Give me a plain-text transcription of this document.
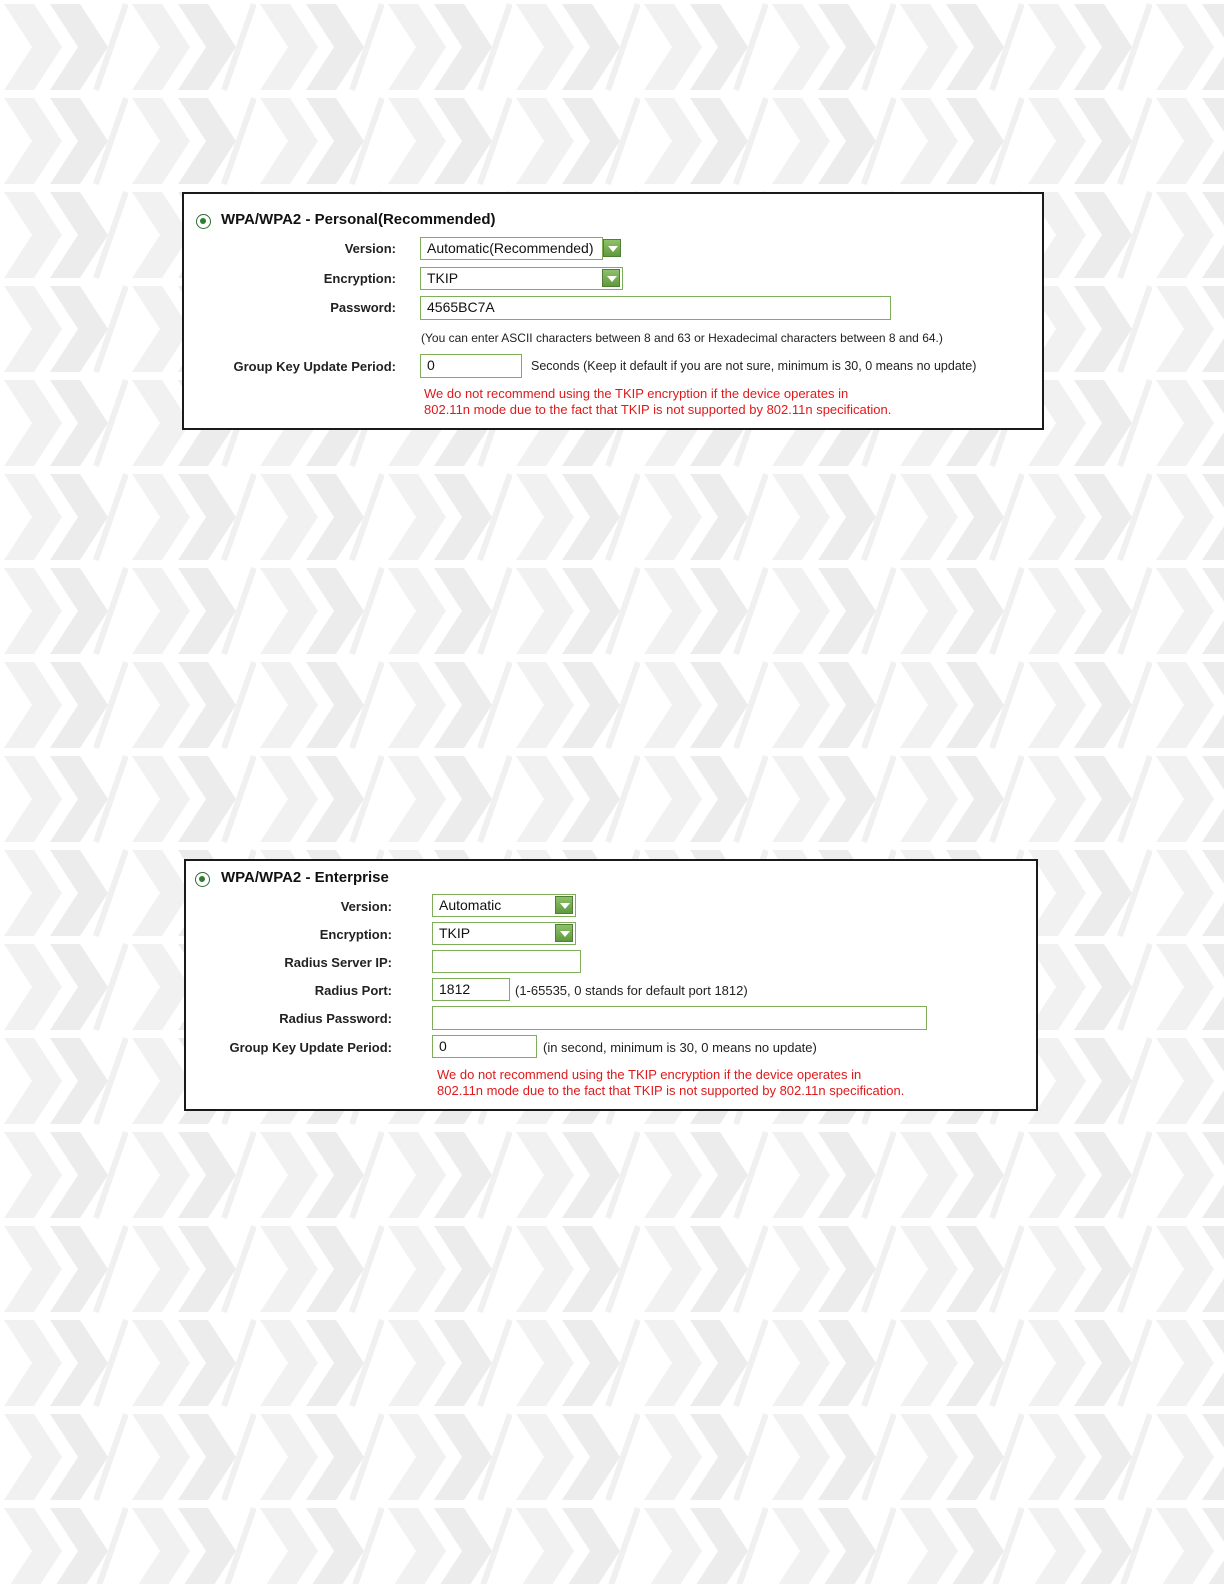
WPA/WPA2 - Personal(Recommended)
Version:	Automatic(Recommended)
Encryption:	TKIP
Password:	4565BC7A
(You can enter ASCII characters between 8 and 63 or Hexadecimal characters between 8 and 64.)
Group Key Update Period:	0	Seconds (Keep it default if you are not sure, minimum is 30, 0 means no update)
We do not recommend using the TKIP encryption if the device operates in
802.11n mode due to the fact that TKIP is not supported by 802.11n specification.
WPA/WPA2 - Enterprise
Version:	Automatic
Encryption:	TKIP
Radius Server IP:
Radius Port:	1812	(1-65535, 0 stands for default port 1812)
Radius Password:
Group Key Update Period:	0	(in second, minimum is 30, 0 means no update)
We do not recommend using the TKIP encryption if the device operates in
802.11n mode due to the fact that TKIP is not supported by 802.11n specification.
